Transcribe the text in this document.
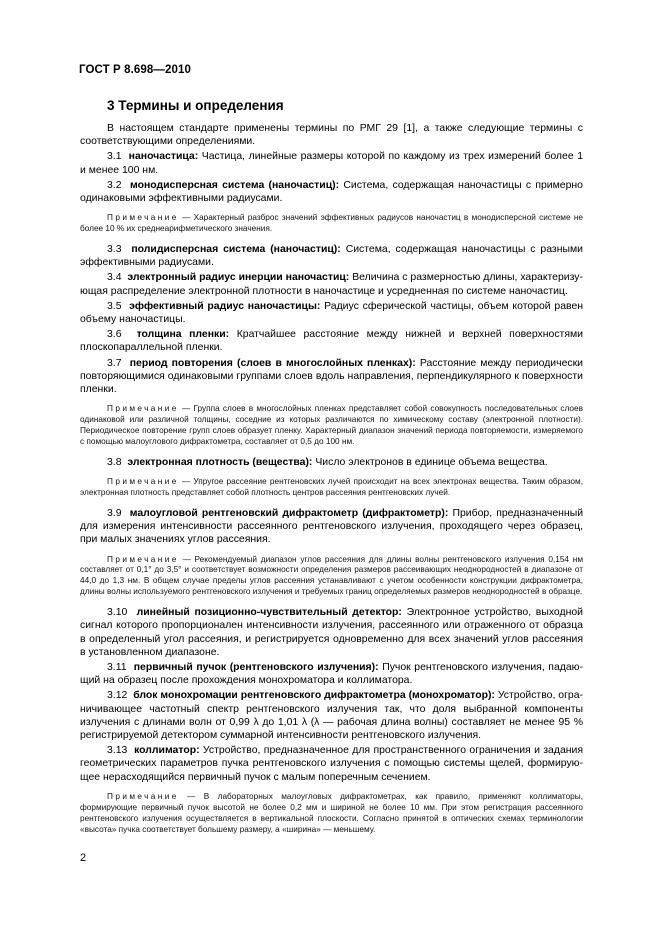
ГОСТ Р 8.698—2010
3 Термины и определения

В настоящем стандарте применены термины по РМГ 29 [1], а также следующие термины с соответствующими определениями.

3.1 наночастица: Частица, линейные размеры которой по каждому из трех измерений более 1 и менее 100 нм.

3.2 монодисперсная система (наночастиц): Система, содержащая наночастицы с примерно одинаковыми эффективными радиусами.

Примечание — Характерный разброс значений эффективных радиусов наночастиц в монодисперсной системе не более 10 % их среднеарифметического значения.

3.3 полидисперсная система (наночастиц): Система, содержащая наночастицы с разными эффективными радиусами.

3.4 электронный радиус инерции наночастиц: Величина с размерностью длины, характеризующая распределение электронной плотности в наночастице и усредненная по системе наночастиц.

3.5 эффективный радиус наночастицы: Радиус сферической частицы, объем которой равен объему наночастицы.

3.6 толщина пленки: Кратчайшее расстояние между нижней и верхней поверхностями плоскопараллельной пленки.

3.7 период повторения (слоев в многослойных пленках): Расстояние между периодически повторяющимися одинаковыми группами слоев вдоль направления, перпендикулярного к поверхности пленки.

Примечание — Группа слоев в многослойных пленках представляет собой совокупность последовательных слоев одинаковой или различной толщины, соседние из которых различаются по химическому составу (электронной плотности). Периодическое повторение групп слоев образует пленку. Характерный диапазон значений периода повторяемости, измеряемого с помощью малоуглового дифрактометра, составляет от 0,5 до 100 нм.

3.8 электронная плотность (вещества): Число электронов в единице объема вещества.

Примечание — Упругое рассеяние рентгеновских лучей происходит на всех электронах вещества. Таким образом, электронная плотность представляет собой плотность центров рассеяния рентгеновских лучей.

3.9 малоугловой рентгеновский дифрактометр (дифрактометр): Прибор, предназначенный для измерения интенсивности рассеянного рентгеновского излучения, проходящего через образец, при малых значениях углов рассеяния.

Примечание — Рекомендуемый диапазон углов рассеяния для длины волны рентгеновского излучения 0,154 нм составляет от 0,1° до 3,5° и соответствует возможности определения размеров рассеивающих неоднородностей в диапазоне от 44,0 до 1,3 нм. В общем случае пределы углов рассеяния устанавливают с учетом особенности конструкции дифрактометра, длины волны используемого рентгеновского излучения и требуемых границ определяемых размеров неоднородностей в образце.

3.10 линейный позиционно-чувствительный детектор: Электронное устройство, выходной сигнал которого пропорционален интенсивности излучения, рассеянного или отраженного от образца в определенный угол рассеяния, и регистрируется одновременно для всех значений углов рассеяния в установленном диапазоне.

3.11 первичный пучок (рентгеновского излучения): Пучок рентгеновского излучения, падающий на образец после прохождения монохроматора и коллиматора.

3.12 блок монохромации рентгеновского дифрактометра (монохроматор): Устройство, ограничивающее частотный спектр рентгеновского излучения так, что доля выбранной компоненты излучения с длинами волн от 0,99 λ до 1,01 λ (λ — рабочая длина волны) составляет не менее 95 % регистрируемой детектором суммарной интенсивности рентгеновского излучения.

3.13 коллиматор: Устройство, предназначенное для пространственного ограничения и задания геометрических параметров пучка рентгеновского излучения с помощью системы щелей, формирующее нерасходящийся первичный пучок с малым поперечным сечением.

Примечание — В лабораторных малоугловых дифрактометрах, как правило, применяют коллиматоры, формирующие первичный пучок высотой не более 0,2 мм и шириной не более 10 мм. При этом регистрация рассеянного рентгеновского излучения осуществляется в вертикальной плоскости. Согласно принятой в оптических схемах терминологии «высота» пучка соответствует большему размеру, а «ширина» — меньшему.

2
